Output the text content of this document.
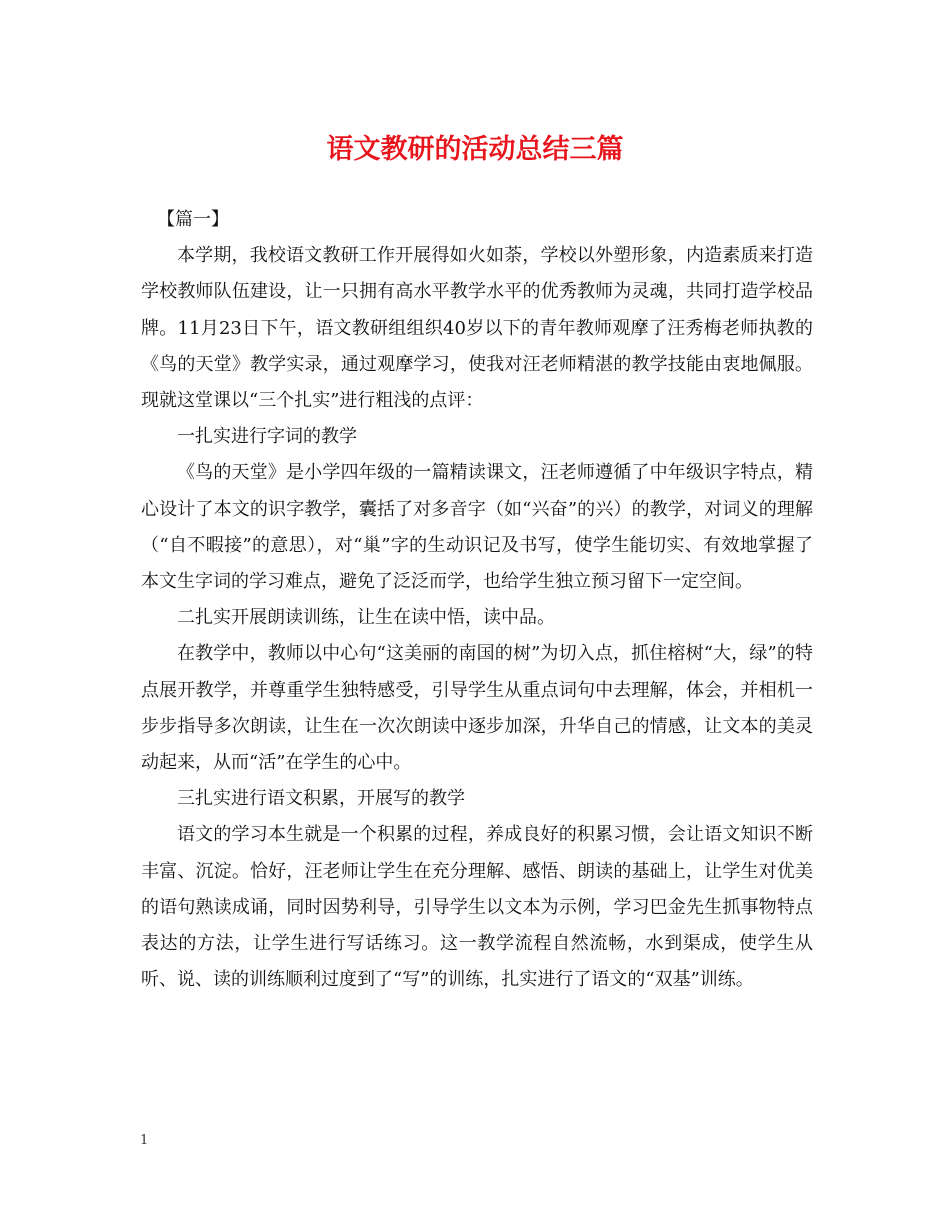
语文教研的活动总结三篇

【篇一】

本学期，我校语文教研工作开展得如火如荼，学校以外塑形象，内造素质来打造学校教师队伍建设，让一只拥有高水平教学水平的优秀教师为灵魂，共同打造学校品牌。11月23日下午，语文教研组组织40岁以下的青年教师观摩了汪秀梅老师执教的《鸟的天堂》教学实录，通过观摩学习，使我对汪老师精湛的教学技能由衷地佩服。现就这堂课以“三个扎实”进行粗浅的点评：

一扎实进行字词的教学

《鸟的天堂》是小学四年级的一篇精读课文，汪老师遵循了中年级识字特点，精心设计了本文的识字教学，囊括了对多音字（如“兴奋”的兴）的教学，对词义的理解（“自不暇接”的意思），对“巢”字的生动识记及书写，使学生能切实、有效地掌握了本文生字词的学习难点，避免了泛泛而学，也给学生独立预习留下一定空间。

二扎实开展朗读训练，让生在读中悟，读中品。

在教学中，教师以中心句“这美丽的南国的树”为切入点，抓住榕树“大，绿”的特点展开教学，并尊重学生独特感受，引导学生从重点词句中去理解，体会，并相机一步步指导多次朗读，让生在一次次朗读中逐步加深，升华自己的情感，让文本的美灵动起来，从而“活”在学生的心中。

三扎实进行语文积累，开展写的教学

语文的学习本生就是一个积累的过程，养成良好的积累习惯，会让语文知识不断丰富、沉淀。恰好，汪老师让学生在充分理解、感悟、朗读的基础上，让学生对优美的语句熟读成诵，同时因势利导，引导学生以文本为示例，学习巴金先生抓事物特点表达的方法，让学生进行写话练习。这一教学流程自然流畅，水到渠成，使学生从听、说、读的训练顺利过度到了“写”的训练，扎实进行了语文的“双基”训练。

1
